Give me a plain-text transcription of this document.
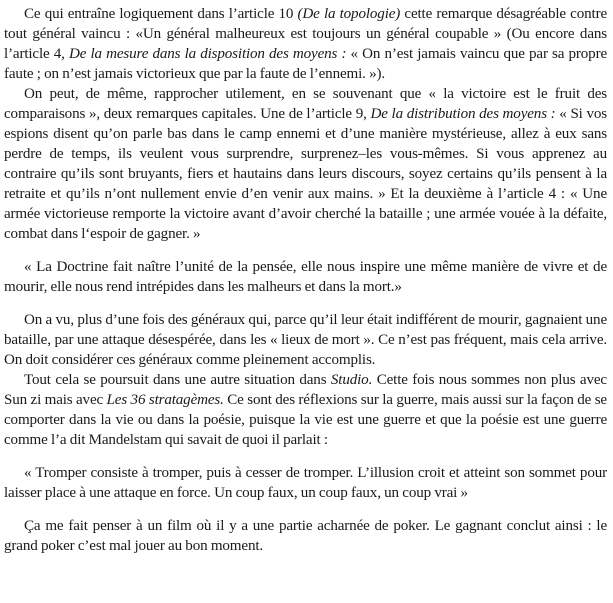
Ce qui entraîne logiquement dans l’article 10 (De la topologie) cette remarque désagréable contre tout général vaincu : «Un général malheureux est toujours un général coupable » (Ou encore dans l’article 4, De la mesure dans la disposition des moyens : « On n’est jamais vaincu que par sa propre faute ; on n’est jamais victorieux que par la faute de l’ennemi. »).

On peut, de même, rapprocher utilement, en se souvenant que « la victoire est le fruit des comparaisons », deux remarques capitales. Une de l’article 9, De la distribution des moyens : « Si vos espions disent qu’on parle bas dans le camp ennemi et d’une manière mystérieuse, allez à eux sans perdre de temps, ils veulent vous surprendre, surprenez–les vous-mêmes. Si vous apprenez au contraire qu’ils sont bruyants, fiers et hautains dans leurs discours, soyez certains qu’ils pensent à la retraite et qu’ils n’ont nullement envie d’en venir aux mains. » Et la deuxième à l’article 4 : « Une armée victorieuse remporte la victoire avant d’avoir cherché la bataille ; une armée vouée à la défaite, combat dans l‘espoir de gagner. »

« La Doctrine fait naître l’unité de la pensée, elle nous inspire une même manière de vivre et de mourir, elle nous rend intrépides dans les malheurs et dans la mort.»

On a vu, plus d’une fois des généraux qui, parce qu’il leur était indifférent de mourir, gagnaient une bataille, par une attaque désespérée, dans les « lieux de mort ». Ce n’est pas fréquent, mais cela arrive. On doit considérer ces généraux comme pleinement accomplis.

Tout cela se poursuit dans une autre situation dans Studio. Cette fois nous sommes non plus avec Sun zi mais avec Les 36 stratagèmes. Ce sont des réflexions sur la guerre, mais aussi sur la façon de se comporter dans la vie ou dans la poésie, puisque la vie est une guerre et que la poésie est une guerre comme l’a dit Mandelstam qui savait de quoi il parlait :

« Tromper consiste à tromper, puis à cesser de tromper. L’illusion croit et atteint son sommet pour laisser place à une attaque en force. Un coup faux, un coup faux, un coup vrai »

Ça me fait penser à un film où il y a une partie acharnée de poker. Le gagnant conclut ainsi : le grand poker c’est mal jouer au bon moment.
